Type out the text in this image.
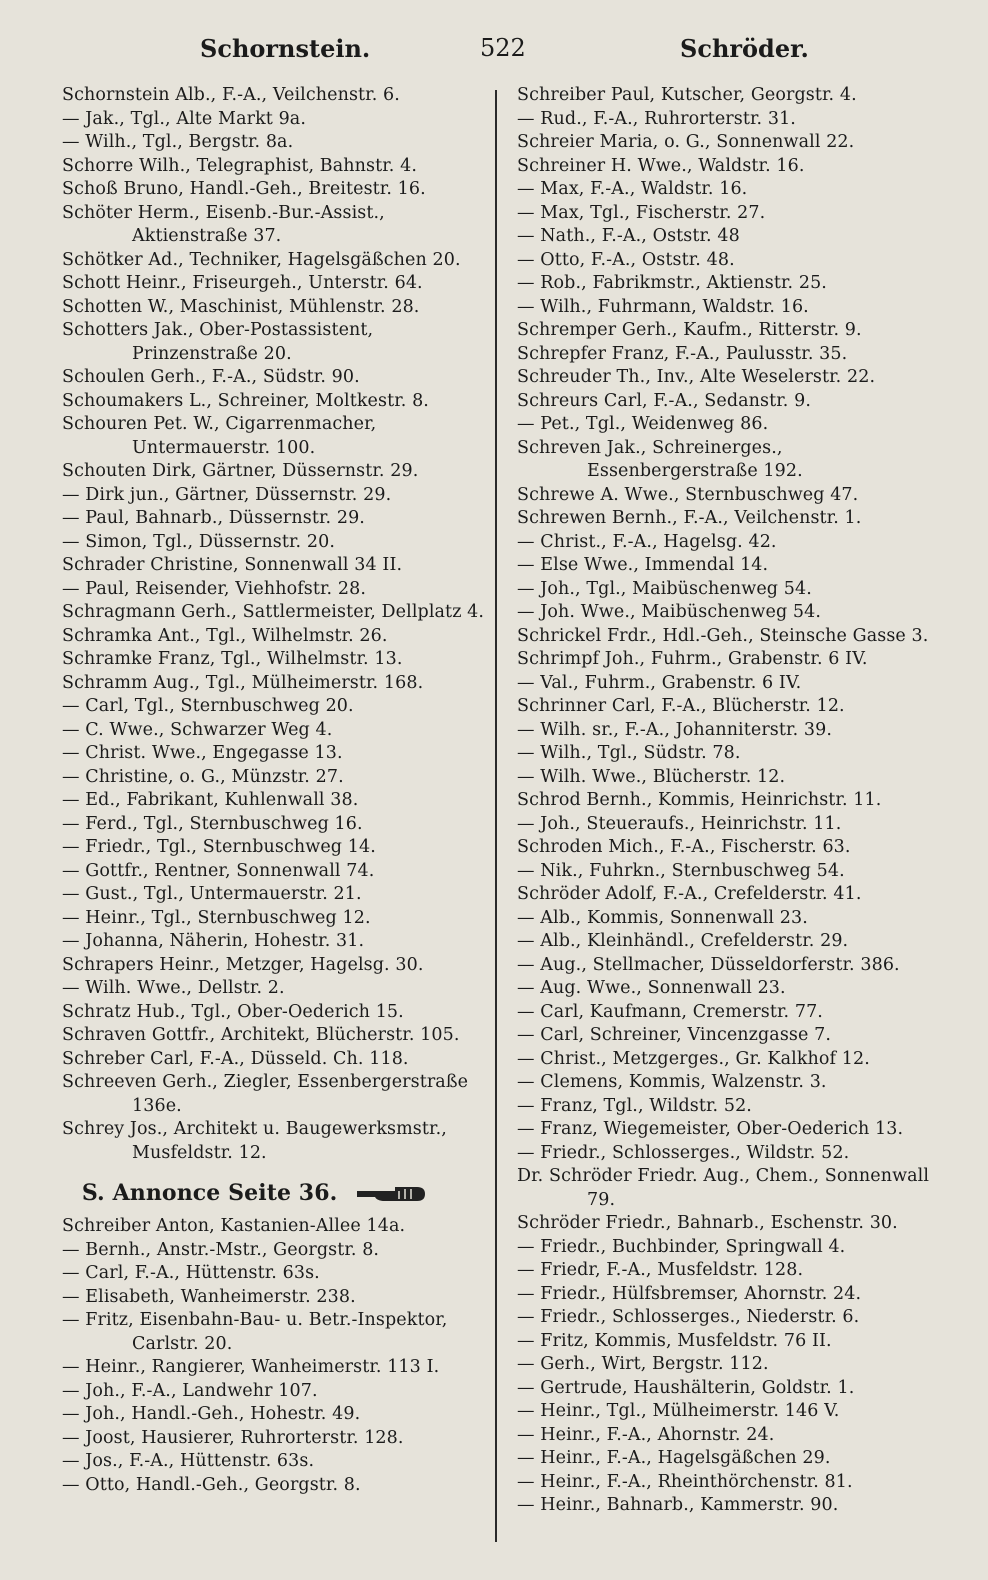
Schornstein.	522	Schröder.
Schornstein Alb., F.-A., Veilchenstr. 6.
— Jak., Tgl., Alte Markt 9a.
— Wilh., Tgl., Bergstr. 8a.
Schorre Wilh., Telegraphist, Bahnstr. 4.
Schoß Bruno, Handl.-Geh., Breitestr. 16.
Schöter Herm., Eisenb.-Bur.-Assist., Aktienstraße 37.
Schötker Ad., Techniker, Hagelsgäßchen 20.
Schott Heinr., Friseurgeh., Unterstr. 64.
Schotten W., Maschinist, Mühlenstr. 28.
Schotters Jak., Ober-Postassistent, Prinzenstraße 20.
Schoulen Gerh., F.-A., Südstr. 90.
Schoumakers L., Schreiner, Moltkestr. 8.
Schouren Pet. W., Cigarrenmacher, Untermauerstr. 100.
Schouten Dirk, Gärtner, Düssernstr. 29.
— Dirk jun., Gärtner, Düssernstr. 29.
— Paul, Bahnarb., Düssernstr. 29.
— Simon, Tgl., Düssernstr. 20.
Schrader Christine, Sonnenwall 34 II.
— Paul, Reisender, Viehhofstr. 28.
Schragmann Gerh., Sattlermeister, Dellplatz 4.
Schramka Ant., Tgl., Wilhelmstr. 26.
Schramke Franz, Tgl., Wilhelmstr. 13.
Schramm Aug., Tgl., Mülheimerstr. 168.
— Carl, Tgl., Sternbuschweg 20.
— C. Wwe., Schwarzer Weg 4.
— Christ. Wwe., Engegasse 13.
— Christine, o. G., Münzstr. 27.
— Ed., Fabrikant, Kuhlenwall 38.
— Ferd., Tgl., Sternbuschweg 16.
— Friedr., Tgl., Sternbuschweg 14.
— Gottfr., Rentner, Sonnenwall 74.
— Gust., Tgl., Untermauerstr. 21.
— Heinr., Tgl., Sternbuschweg 12.
— Johanna, Näherin, Hohestr. 31.
Schrapers Heinr., Metzger, Hagelsg. 30.
— Wilh. Wwe., Dellstr. 2.
Schratz Hub., Tgl., Ober-Oederich 15.
Schraven Gottfr., Architekt, Blücherstr. 105.
Schreber Carl, F.-A., Düsseld. Ch. 118.
Schreeven Gerh., Ziegler, Essenbergerstraße 136e.
Schrey Jos., Architekt u. Baugewerksmstr., Musfeldstr. 12.
S. Annonce Seite 36.
Schreiber Anton, Kastanien-Allee 14a.
— Bernh., Anstr.-Mstr., Georgstr. 8.
— Carl, F.-A., Hüttenstr. 63s.
— Elisabeth, Wanheimerstr. 238.
— Fritz, Eisenbahn-Bau- u. Betr.-Inspektor, Carlstr. 20.
— Heinr., Rangierer, Wanheimerstr. 113 I.
— Joh., F.-A., Landwehr 107.
— Joh., Handl.-Geh., Hohestr. 49.
— Joost, Hausierer, Ruhrorterstr. 128.
— Jos., F.-A., Hüttenstr. 63s.
— Otto, Handl.-Geh., Georgstr. 8.
Schreiber Paul, Kutscher, Georgstr. 4.
— Rud., F.-A., Ruhrorterstr. 31.
Schreier Maria, o. G., Sonnenwall 22.
Schreiner H. Wwe., Waldstr. 16.
— Max, F.-A., Waldstr. 16.
— Max, Tgl., Fischerstr. 27.
— Nath., F.-A., Oststr. 48
— Otto, F.-A., Oststr. 48.
— Rob., Fabrikmstr., Aktienstr. 25.
— Wilh., Fuhrmann, Waldstr. 16.
Schremper Gerh., Kaufm., Ritterstr. 9.
Schrepfer Franz, F.-A., Paulusstr. 35.
Schreuder Th., Inv., Alte Weselerstr. 22.
Schreurs Carl, F.-A., Sedanstr. 9.
— Pet., Tgl., Weidenweg 86.
Schreven Jak., Schreinerges., Essenbergerstraße 192.
Schrewe A. Wwe., Sternbuschweg 47.
Schrewen Bernh., F.-A., Veilchenstr. 1.
— Christ., F.-A., Hagelsg. 42.
— Else Wwe., Immendal 14.
— Joh., Tgl., Maibüschenweg 54.
— Joh. Wwe., Maibüschenweg 54.
Schrickel Frdr., Hdl.-Geh., Steinsche Gasse 3.
Schrimpf Joh., Fuhrm., Grabenstr. 6 IV.
— Val., Fuhrm., Grabenstr. 6 IV.
Schrinner Carl, F.-A., Blücherstr. 12.
— Wilh. sr., F.-A., Johanniterstr. 39.
— Wilh., Tgl., Südstr. 78.
— Wilh. Wwe., Blücherstr. 12.
Schrod Bernh., Kommis, Heinrichstr. 11.
— Joh., Steueraufs., Heinrichstr. 11.
Schroden Mich., F.-A., Fischerstr. 63.
— Nik., Fuhrkn., Sternbuschweg 54.
Schröder Adolf, F.-A., Crefelderstr. 41.
— Alb., Kommis, Sonnenwall 23.
— Alb., Kleinhändl., Crefelderstr. 29.
— Aug., Stellmacher, Düsseldorferstr. 386.
— Aug. Wwe., Sonnenwall 23.
— Carl, Kaufmann, Cremerstr. 77.
— Carl, Schreiner, Vincenzgasse 7.
— Christ., Metzgerges., Gr. Kalkhof 12.
— Clemens, Kommis, Walzenstr. 3.
— Franz, Tgl., Wildstr. 52.
— Franz, Wiegemeister, Ober-Oederich 13.
— Friedr., Schlosserges., Wildstr. 52.
Dr. Schröder Friedr. Aug., Chem., Sonnenwall 79.
Schröder Friedr., Bahnarb., Eschenstr. 30.
— Friedr., Buchbinder, Springwall 4.
— Friedr, F.-A., Musfeldstr. 128.
— Friedr., Hülfsbremser, Ahornstr. 24.
— Friedr., Schlosserges., Niederstr. 6.
— Fritz, Kommis, Musfeldstr. 76 II.
— Gerh., Wirt, Bergstr. 112.
— Gertrude, Haushälterin, Goldstr. 1.
— Heinr., Tgl., Mülheimerstr. 146 V.
— Heinr., F.-A., Ahornstr. 24.
— Heinr., F.-A., Hagelsgäßchen 29.
— Heinr., F.-A., Rheinthörchenstr. 81.
— Heinr., Bahnarb., Kammerstr. 90.
